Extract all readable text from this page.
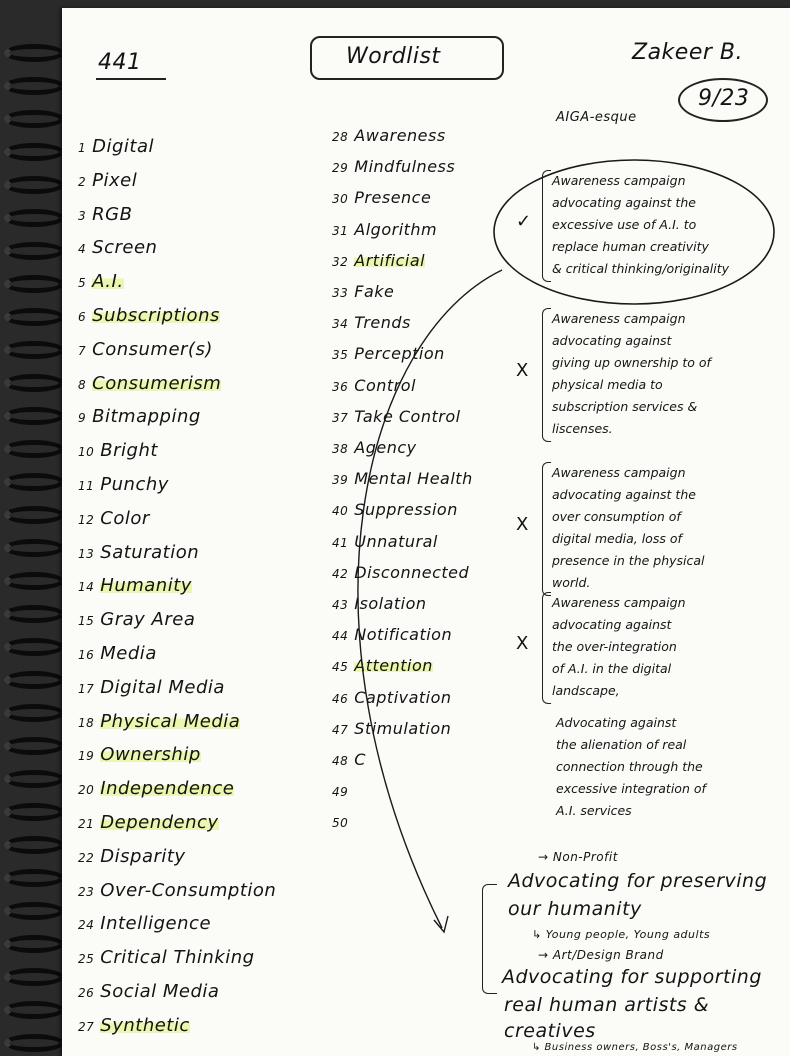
441	Wordlist	Zakeer B.
9/23
AIGA-esque
1 Digital
2 Pixel
3 RGB
4 Screen
5 A.I.
6 Subscriptions
7 Consumer(s)
8 Consumerism
9 Bitmapping
10 Bright
11 Punchy
12 Color
13 Saturation
14 Humanity
15 Gray Area
16 Media
17 Digital Media
18 Physical Media
19 Ownership
20 Independence
21 Dependency
22 Disparity
23 Over-Consumption
24 Intelligence
25 Critical Thinking
26 Social Media
27 Synthetic
28 Awareness
29 Mindfulness
30 Presence
31 Algorithm
32 Artificial
33 Fake
34 Trends
35 Perception
36 Control
37 Take Control
38 Agency
39 Mental Health
40 Suppression
41 Unnatural
42 Disconnected
43 Isolation
44 Notification
45 Attention
46 Captivation
47 Stimulation
48 C
49
50
✓
Awareness campaign
advocating against the
excessive use of A.I. to
replace human creativity
& critical thinking/originality
X
Awareness campaign
advocating against
giving up ownership to of
physical media to
subscription services &
liscenses.
X
Awareness campaign
advocating against the
over consumption of
digital media, loss of
presence in the physical
world.
X
Awareness campaign
advocating against
the over-integration
of A.I. in the digital
landscape,
Advocating against
the alienation of real
connection through the
excessive integration of
A.I. services
→ Non-Profit
Advocating for preserving
our humanity
↳ Young people, Young adults
→ Art/Design Brand
Advocating for supporting
real human artists &
creatives
↳ Business owners, Boss's, Managers
